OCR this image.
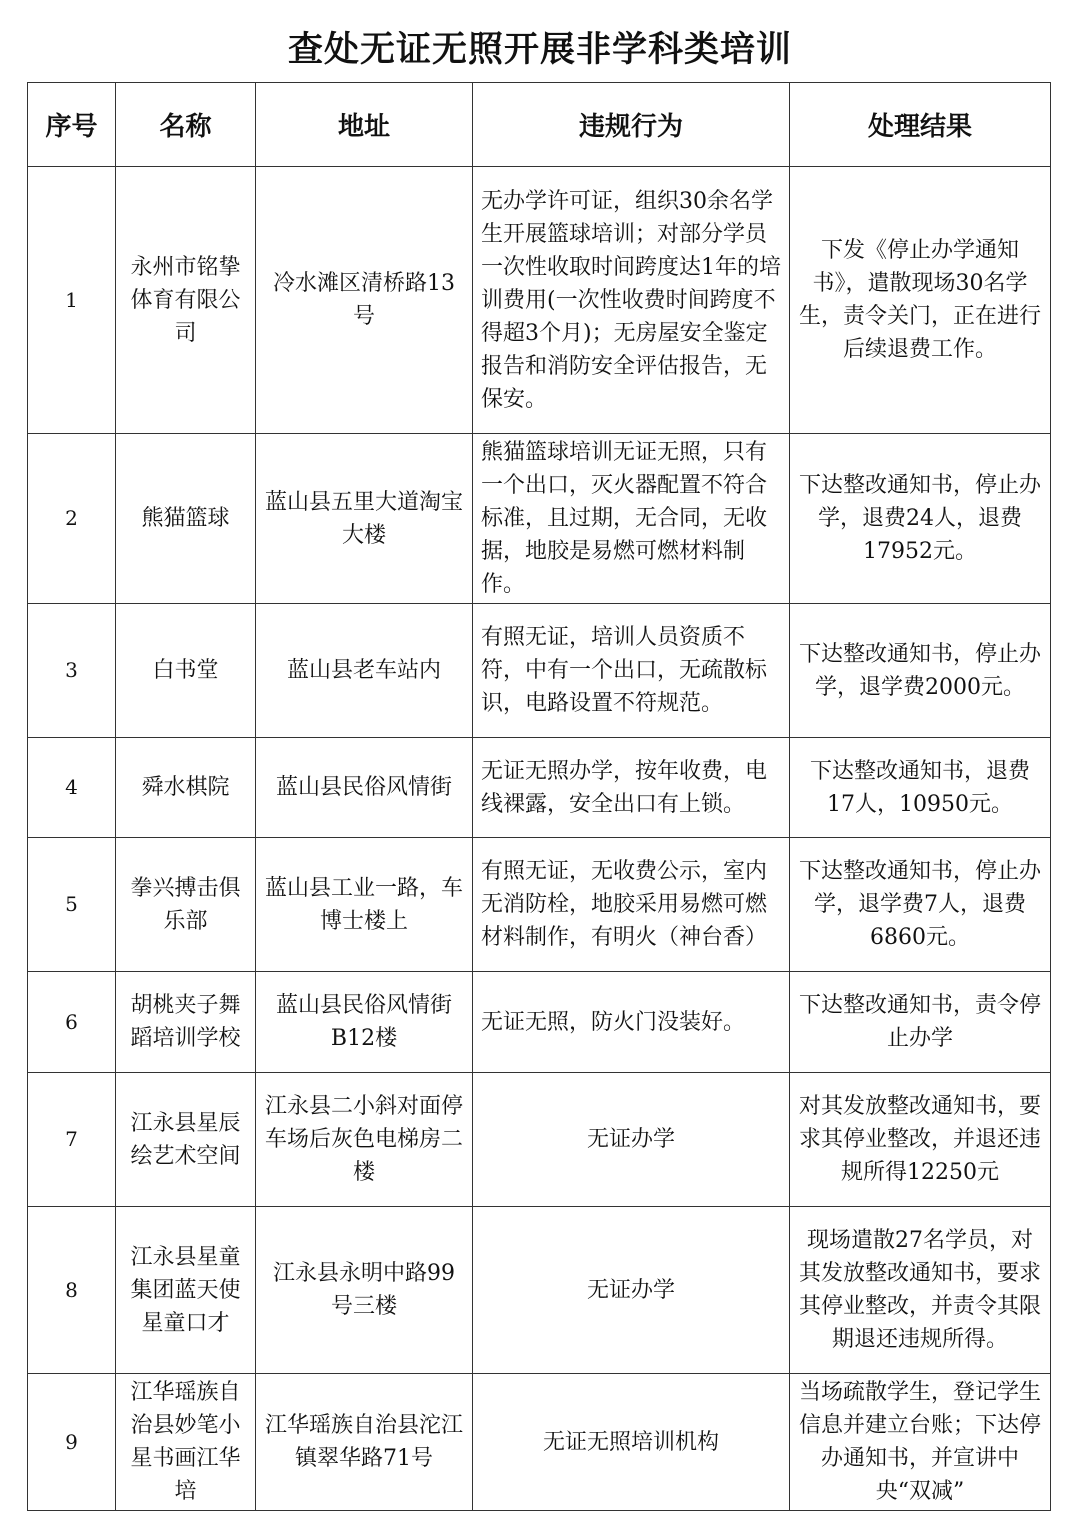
查处无证无照开展非学科类培训
序号	名称	地址	违规行为	处理结果
1	永州市铭挚体育有限公司	冷水滩区清桥路13号	无办学许可证，组织30余名学生开展篮球培训；对部分学员一次性收取时间跨度达1年的培训费用(一次性收费时间跨度不得超3个月)；无房屋安全鉴定报告和消防安全评估报告，无保安。	下发《停止办学通知书》，遣散现场30名学生，责令关门，正在进行后续退费工作。
2	熊猫篮球	蓝山县五里大道淘宝大楼	熊猫篮球培训无证无照，只有一个出口，灭火器配置不符合标准，且过期，无合同，无收据，地胶是易燃可燃材料制作。	下达整改通知书，停止办学，退费24人，退费17952元。
3	白书堂	蓝山县老车站内	有照无证，培训人员资质不符，中有一个出口，无疏散标识，电路设置不符规范。	下达整改通知书，停止办学，退学费2000元。
4	舜水棋院	蓝山县民俗风情街	无证无照办学，按年收费，电线裸露，安全出口有上锁。	下达整改通知书，退费17人，10950元。
5	拳兴搏击俱乐部	蓝山县工业一路，车博士楼上	有照无证，无收费公示，室内无消防栓，地胶采用易燃可燃材料制作，有明火（神台香）	下达整改通知书，停止办学，退学费7人，退费6860元。
6	胡桃夹子舞蹈培训学校	蓝山县民俗风情街B12楼	无证无照，防火门没装好。	下达整改通知书，责令停止办学
7	江永县星辰绘艺术空间	江永县二小斜对面停车场后灰色电梯房二楼	无证办学	对其发放整改通知书，要求其停业整改，并退还违规所得12250元
8	江永县星童集团蓝天使星童口才	江永县永明中路99号三楼	无证办学	现场遣散27名学员，对其发放整改通知书，要求其停业整改，并责令其限期退还违规所得。
9	江华瑶族自治县妙笔小星书画江华培	江华瑶族自治县沱江镇翠华路71号	无证无照培训机构	当场疏散学生，登记学生信息并建立台账；下达停办通知书，并宣讲中央“双减”
